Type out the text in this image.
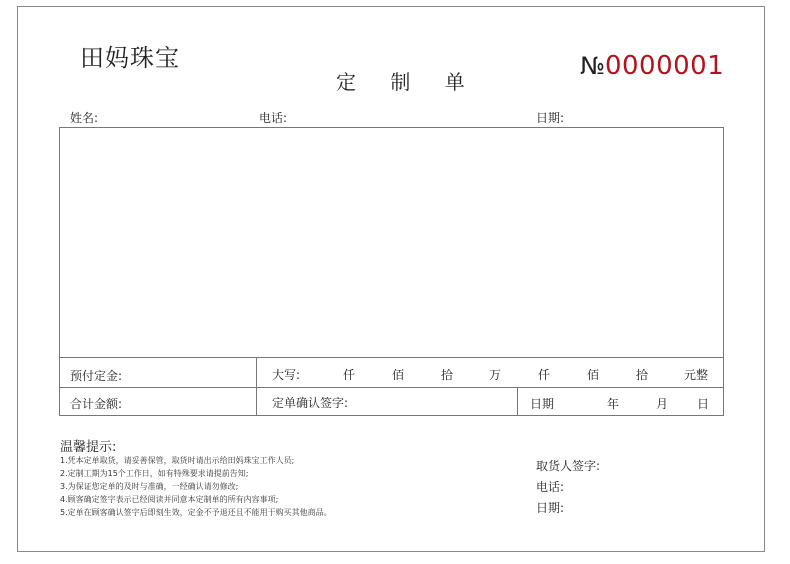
田妈珠宝
定 制 单
№0000001
姓名:	电话:	日期:
预付定金:	大写:	仟	佰	拾	万	仟	佰	拾	元整
合计金额:	定单确认签字:	日期	年	月 日
温馨提示:
1.凭本定单取货，请妥善保管，取货时请出示给田妈珠宝工作人员;
2.定制工期为15个工作日，如有特殊要求请提前告知;
3.为保证您定单的及时与准确，一经确认请勿修改;
4.顾客确定签字表示已经阅读并同意本定制单的所有内容事项;
5.定单在顾客确认签字后即刻生效，定金不予退还且不能用于购买其他商品。
取货人签字:
电话:
日期:
